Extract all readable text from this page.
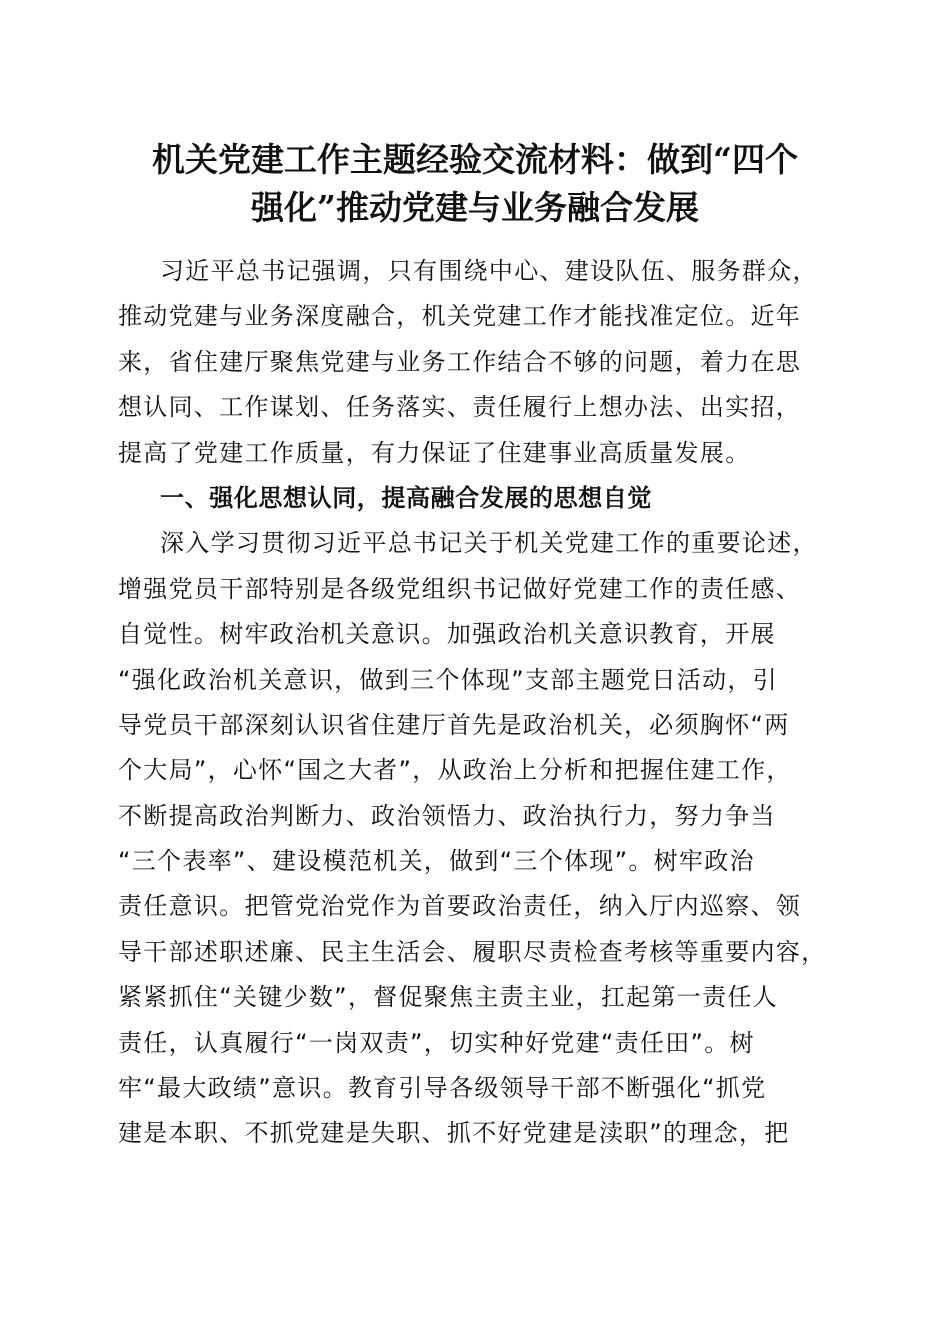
机关党建工作主题经验交流材料：做到“四个
强化”推动党建与业务融合发展
习近平总书记强调，只有围绕中心、建设队伍、服务群众，
推动党建与业务深度融合，机关党建工作才能找准定位。近年
来，省住建厅聚焦党建与业务工作结合不够的问题，着力在思
想认同、工作谋划、任务落实、责任履行上想办法、出实招，
提高了党建工作质量，有力保证了住建事业高质量发展。
一、强化思想认同，提高融合发展的思想自觉
深入学习贯彻习近平总书记关于机关党建工作的重要论述，
增强党员干部特别是各级党组织书记做好党建工作的责任感、
自觉性。树牢政治机关意识。加强政治机关意识教育，开展
“强化政治机关意识，做到三个体现”支部主题党日活动，引
导党员干部深刻认识省住建厅首先是政治机关，必须胸怀“两
个大局”，心怀“国之大者”，从政治上分析和把握住建工作，
不断提高政治判断力、政治领悟力、政治执行力，努力争当
“三个表率”、建设模范机关，做到“三个体现”。树牢政治
责任意识。把管党治党作为首要政治责任，纳入厅内巡察、领
导干部述职述廉、民主生活会、履职尽责检查考核等重要内容，
紧紧抓住“关键少数”，督促聚焦主责主业，扛起第一责任人
责任，认真履行“一岗双责”，切实种好党建“责任田”。树
牢“最大政绩”意识。教育引导各级领导干部不断强化“抓党
建是本职、不抓党建是失职、抓不好党建是渎职”的理念，把
